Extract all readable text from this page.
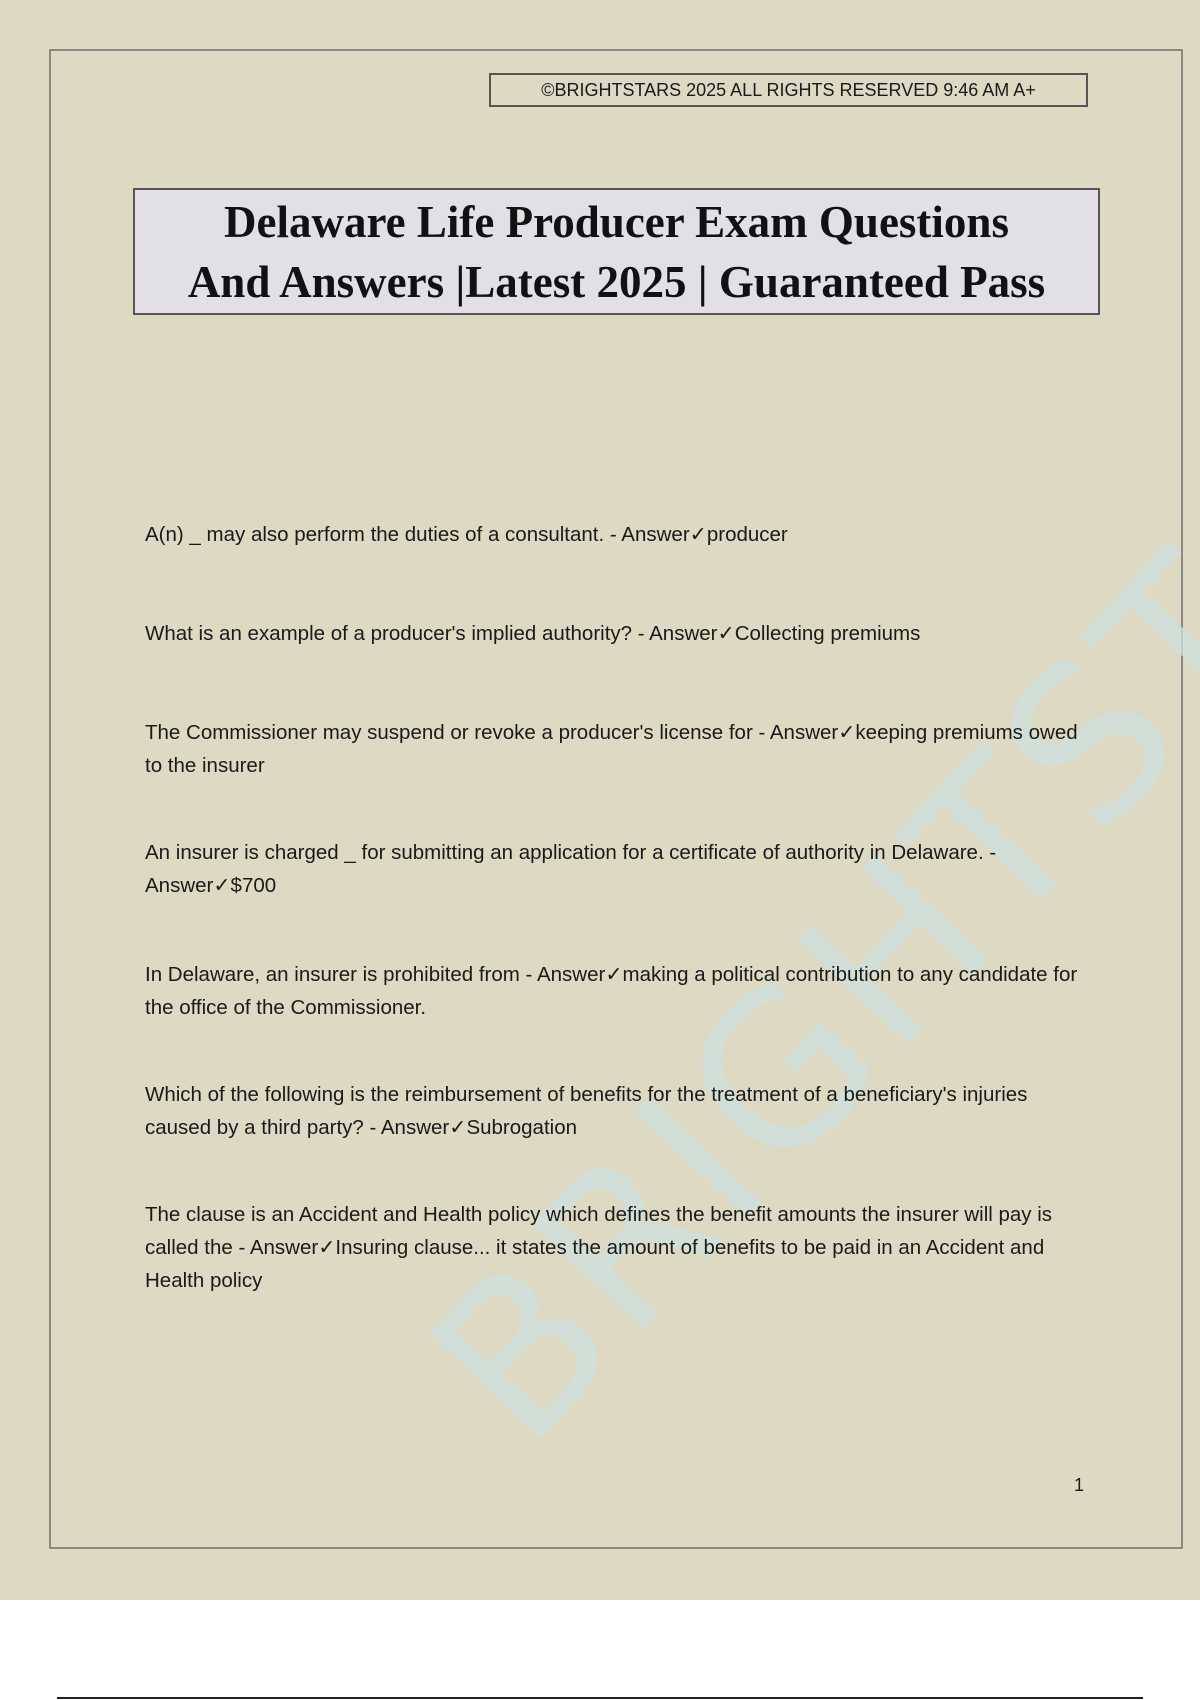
©BRIGHTSTARS 2025 ALL RIGHTS RESERVED 9:46 AM A+
Delaware Life Producer Exam Questions
And Answers |Latest 2025 | Guaranteed Pass

A(n) _ may also perform the duties of a consultant. - Answer✓producer

What is an example of a producer's implied authority? - Answer✓Collecting premiums

The Commissioner may suspend or revoke a producer's license for - Answer✓keeping premiums owed to the insurer

An insurer is charged _ for submitting an application for a certificate of authority in Delaware. - Answer✓$700

In Delaware, an insurer is prohibited from - Answer✓making a political contribution to any candidate for the office of the Commissioner.

Which of the following is the reimbursement of benefits for the treatment of a beneficiary's injuries caused by a third party? - Answer✓Subrogation

The clause is an Accident and Health policy which defines the benefit amounts the insurer will pay is called the - Answer✓Insuring clause... it states the amount of benefits to be paid in an Accident and Health policy

1
